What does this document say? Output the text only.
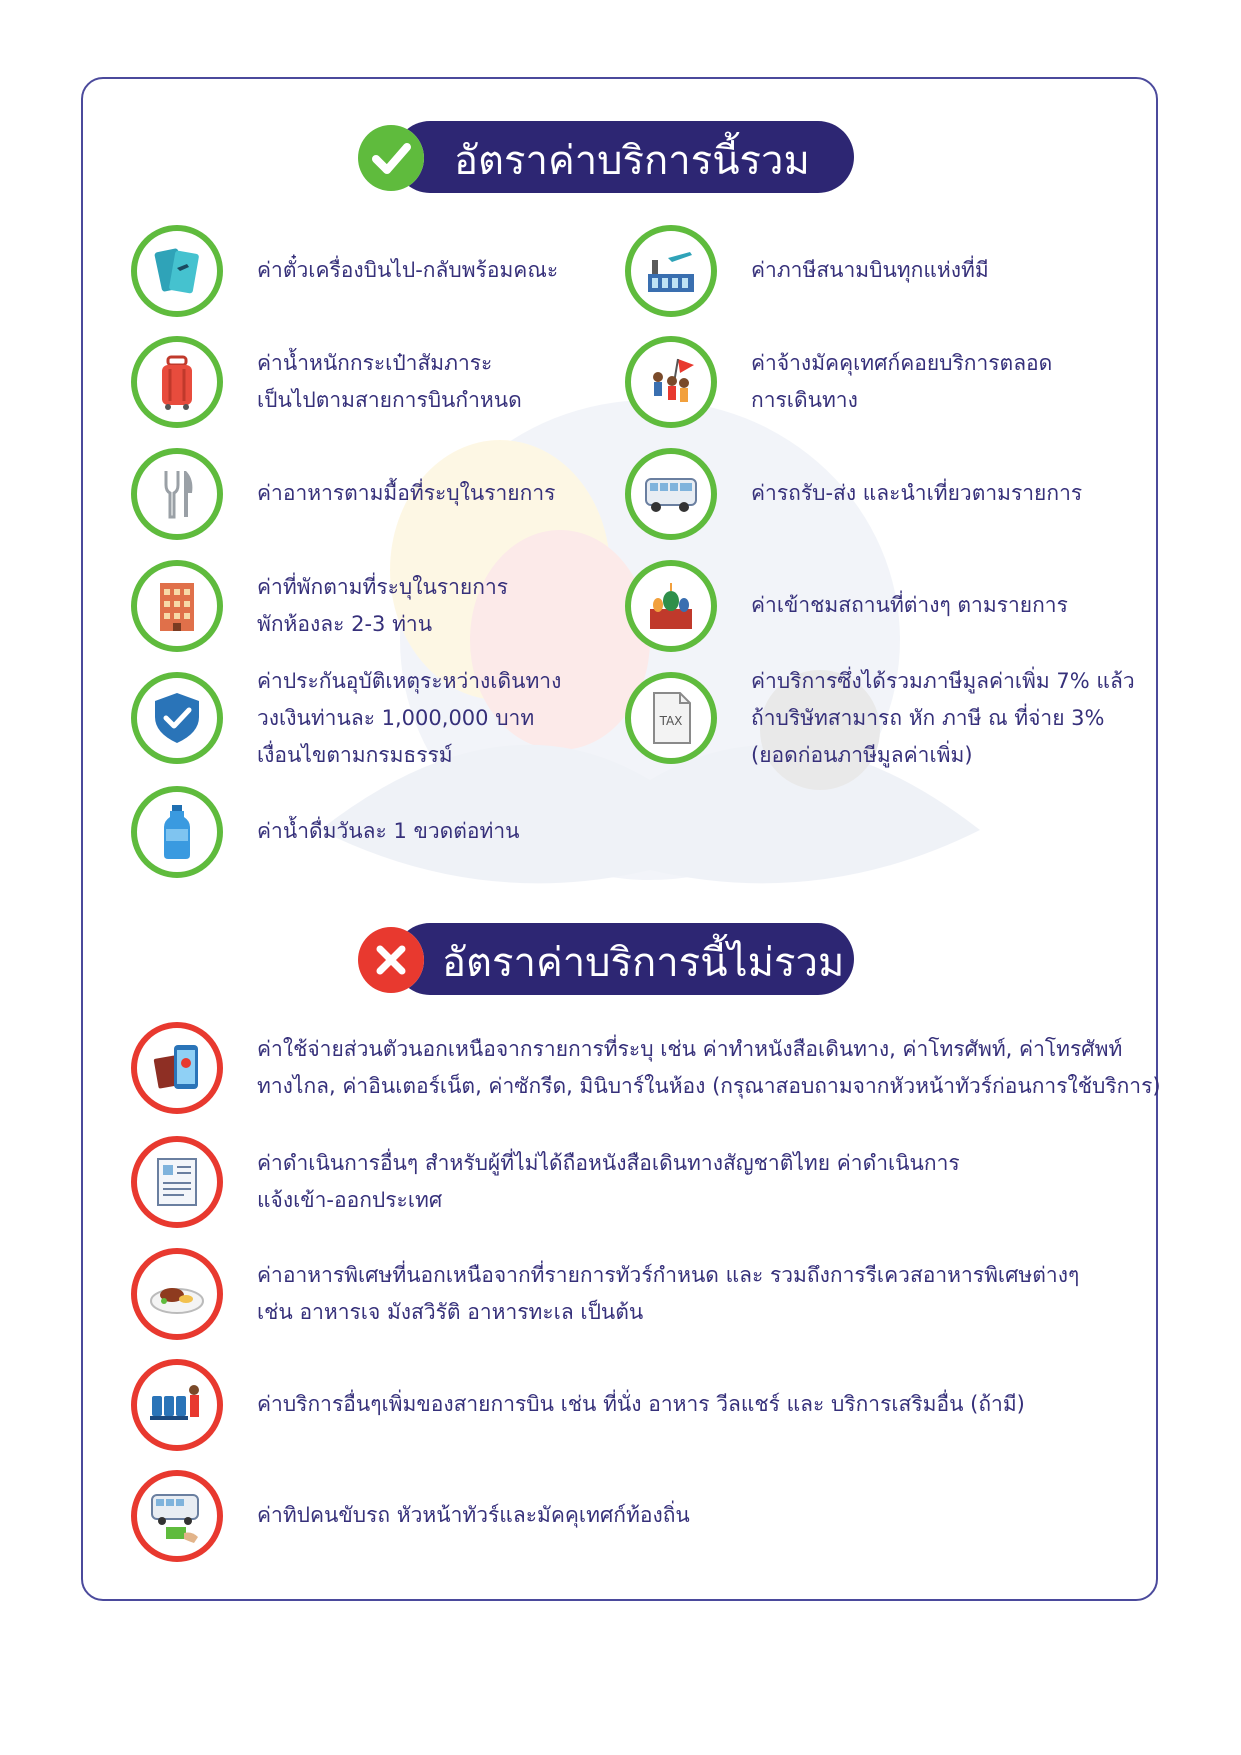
อัตราค่าบริการนี้รวม
ค่าตั๋วเครื่องบินไป-กลับพร้อมคณะ	ค่าภาษีสนามบินทุกแห่งที่มี
ค่าน้ำหนักกระเป๋าสัมภาระ
เป็นไปตามสายการบินกำหนด
ค่าจ้างมัคคุเทศก์คอยบริการตลอด
การเดินทาง
ค่าอาหารตามมื้อที่ระบุในรายการ	ค่ารถรับ-ส่ง และนำเที่ยวตามรายการ
ค่าที่พักตามที่ระบุในรายการ
พักห้องละ 2-3 ท่าน
ค่าเข้าชมสถานที่ต่างๆ ตามรายการ
ค่าประกันอุบัติเหตุระหว่างเดินทาง
วงเงินท่านละ 1,000,000 บาท
เงื่อนไขตามกรมธรรม์
TAX
ค่าบริการซึ่งได้รวมภาษีมูลค่าเพิ่ม 7% แล้ว
ถ้าบริษัทสามารถ หัก ภาษี ณ ที่จ่าย 3%
(ยอดก่อนภาษีมูลค่าเพิ่ม)
ค่าน้ำดื่มวันละ 1 ขวดต่อท่าน
อัตราค่าบริการนี้ไม่รวม
ค่าใช้จ่ายส่วนตัวนอกเหนือจากรายการที่ระบุ เช่น ค่าทำหนังสือเดินทาง, ค่าโทรศัพท์, ค่าโทรศัพท์
ทางไกล, ค่าอินเตอร์เน็ต, ค่าซักรีด, มินิบาร์ในห้อง (กรุณาสอบถามจากหัวหน้าทัวร์ก่อนการใช้บริการ)
ค่าดำเนินการอื่นๆ สำหรับผู้ที่ไม่ได้ถือหนังสือเดินทางสัญชาติไทย ค่าดำเนินการ
แจ้งเข้า-ออกประเทศ
ค่าอาหารพิเศษที่นอกเหนือจากที่รายการทัวร์กำหนด และ รวมถึงการรีเควสอาหารพิเศษต่างๆ
เช่น อาหารเจ มังสวิรัติ อาหารทะเล เป็นต้น
ค่าบริการอื่นๆเพิ่มของสายการบิน เช่น ที่นั่ง อาหาร วีลแชร์ และ บริการเสริมอื่น (ถ้ามี)
ค่าทิปคนขับรถ หัวหน้าทัวร์และมัคคุเทศก์ท้องถิ่น
